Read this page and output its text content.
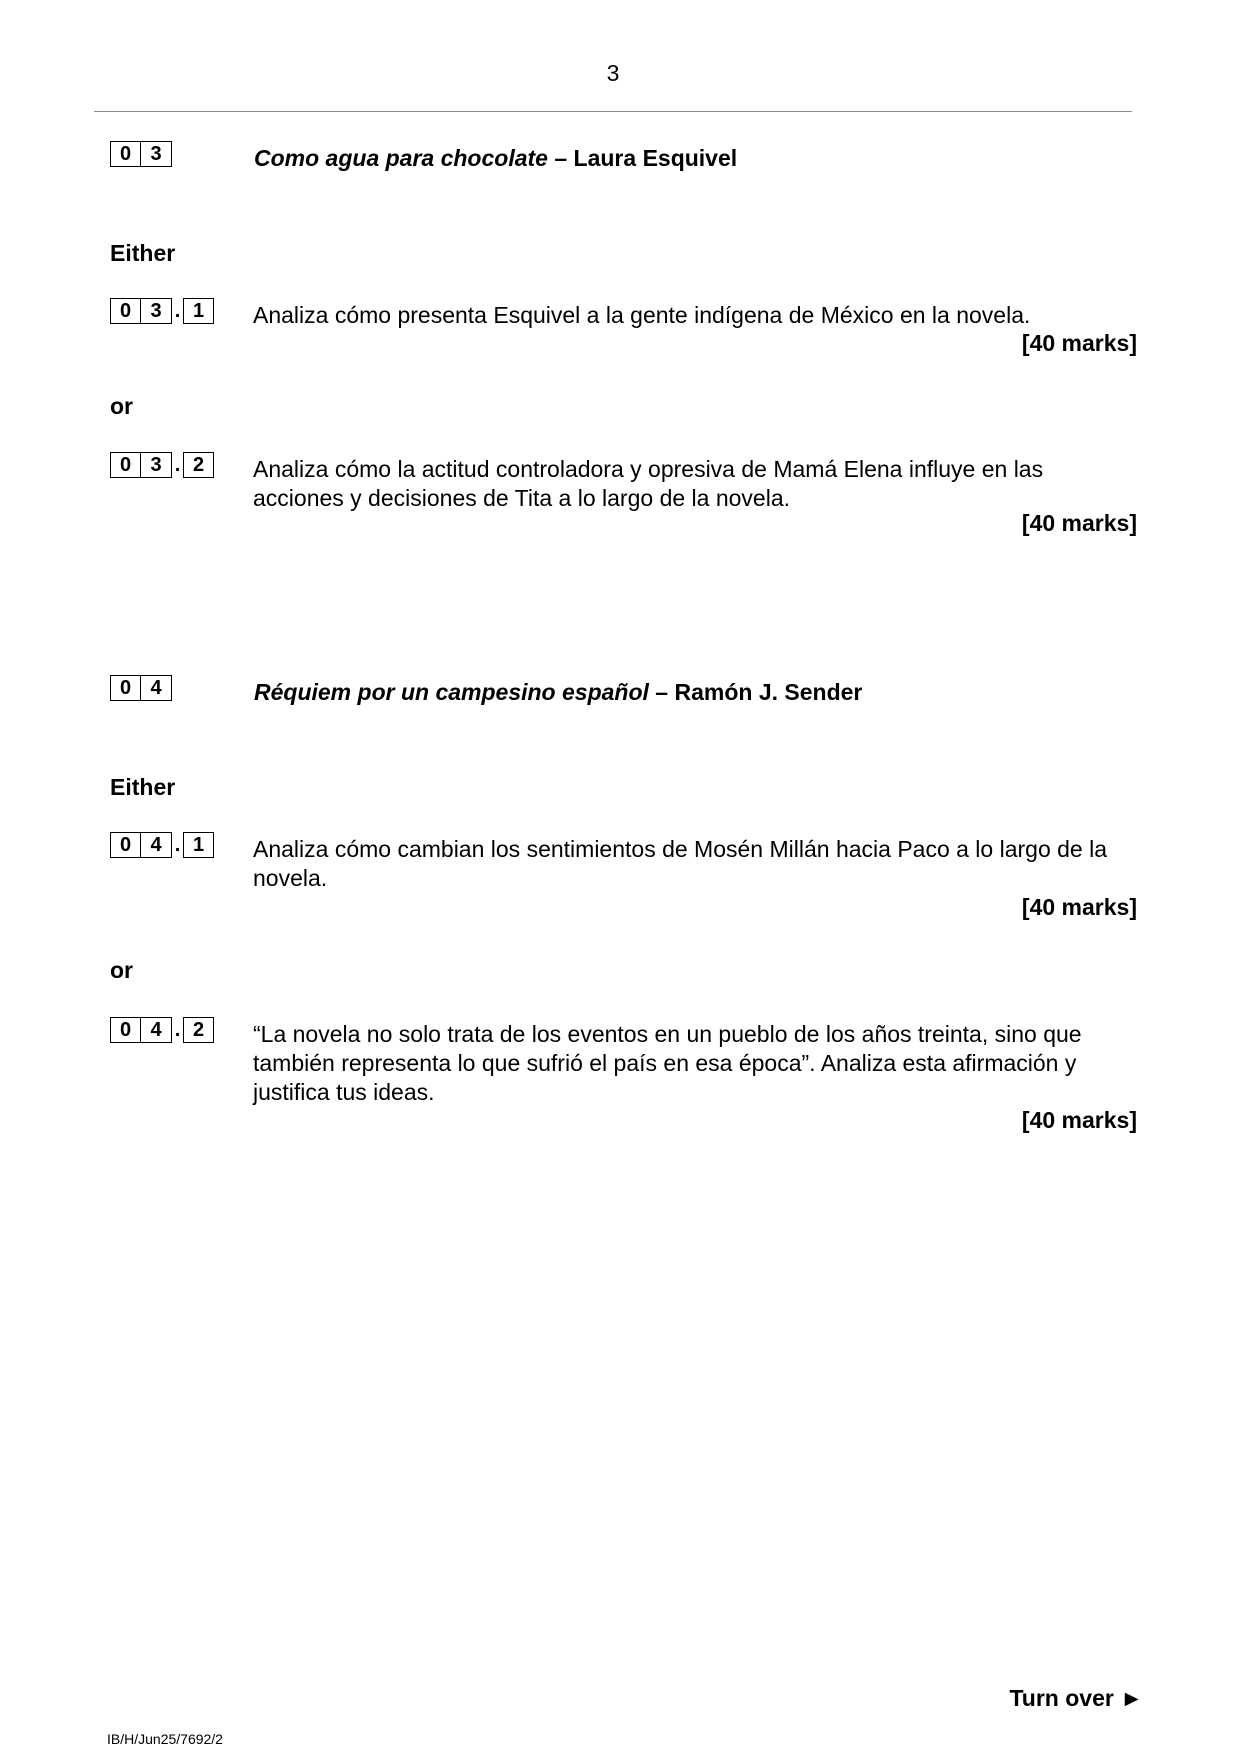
3
0 3	Como agua para chocolate – Laura Esquivel
Either
0 3 . 1	Analiza cómo presenta Esquivel a la gente indígena de México en la novela.
[40 marks]
or
0 3 . 2	Analiza cómo la actitud controladora y opresiva de Mamá Elena influye en las acciones y decisiones de Tita a lo largo de la novela.
[40 marks]
0 4	Réquiem por un campesino español – Ramón J. Sender
Either
0 4 . 1	Analiza cómo cambian los sentimientos de Mosén Millán hacia Paco a lo largo de la novela.
[40 marks]
or
0 4 . 2	“La novela no solo trata de los eventos en un pueblo de los años treinta, sino que también representa lo que sufrió el país en esa época”. Analiza esta afirmación y justifica tus ideas.
[40 marks]
Turn over ►
IB/H/Jun25/7692/2
